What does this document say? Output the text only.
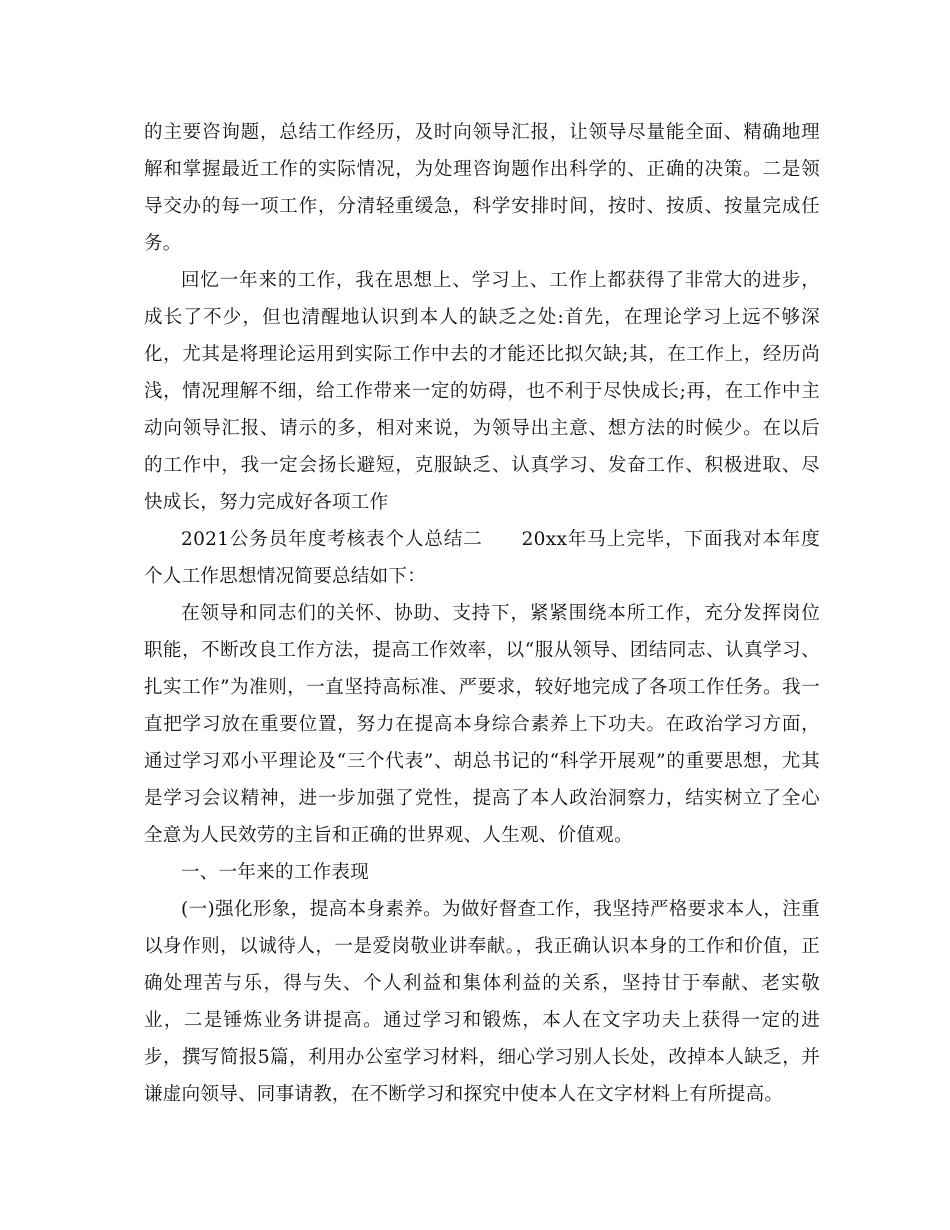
的主要咨询题，总结工作经历，及时向领导汇报，让领导尽量能全面、精确地理解和掌握最近工作的实际情况，为处理咨询题作出科学的、正确的决策。二是领导交办的每一项工作，分清轻重缓急，科学安排时间，按时、按质、按量完成任务。

回忆一年来的工作，我在思想上、学习上、工作上都获得了非常大的进步，成长了不少，但也清醒地认识到本人的缺乏之处:首先，在理论学习上远不够深化，尤其是将理论运用到实际工作中去的才能还比拟欠缺;其，在工作上，经历尚浅，情况理解不细，给工作带来一定的妨碍，也不利于尽快成长;再，在工作中主动向领导汇报、请示的多，相对来说，为领导出主意、想方法的时候少。在以后的工作中，我一定会扬长避短，克服缺乏、认真学习、发奋工作、积极进取、尽快成长，努力完成好各项工作

2021公务员年度考核表个人总结二　　20xx年马上完毕，下面我对本年度个人工作思想情况简要总结如下：

在领导和同志们的关怀、协助、支持下，紧紧围绕本所工作，充分发挥岗位职能，不断改良工作方法，提高工作效率，以“服从领导、团结同志、认真学习、扎实工作”为准则，一直坚持高标准、严要求，较好地完成了各项工作任务。我一直把学习放在重要位置，努力在提高本身综合素养上下功夫。在政治学习方面，通过学习邓小平理论及“三个代表”、胡总书记的“科学开展观”的重要思想，尤其是学习会议精神，进一步加强了党性，提高了本人政治洞察力，结实树立了全心全意为人民效劳的主旨和正确的世界观、人生观、价值观。

一、一年来的工作表现

(一)强化形象，提高本身素养。为做好督查工作，我坚持严格要求本人，注重以身作则，以诚待人，一是爱岗敬业讲奉献。，我正确认识本身的工作和价值，正确处理苦与乐，得与失、个人利益和集体利益的关系，坚持甘于奉献、老实敬业，二是锤炼业务讲提高。通过学习和锻炼，本人在文字功夫上获得一定的进步，撰写简报5篇，利用办公室学习材料，细心学习别人长处，改掉本人缺乏，并谦虚向领导、同事请教，在不断学习和探究中使本人在文字材料上有所提高。
